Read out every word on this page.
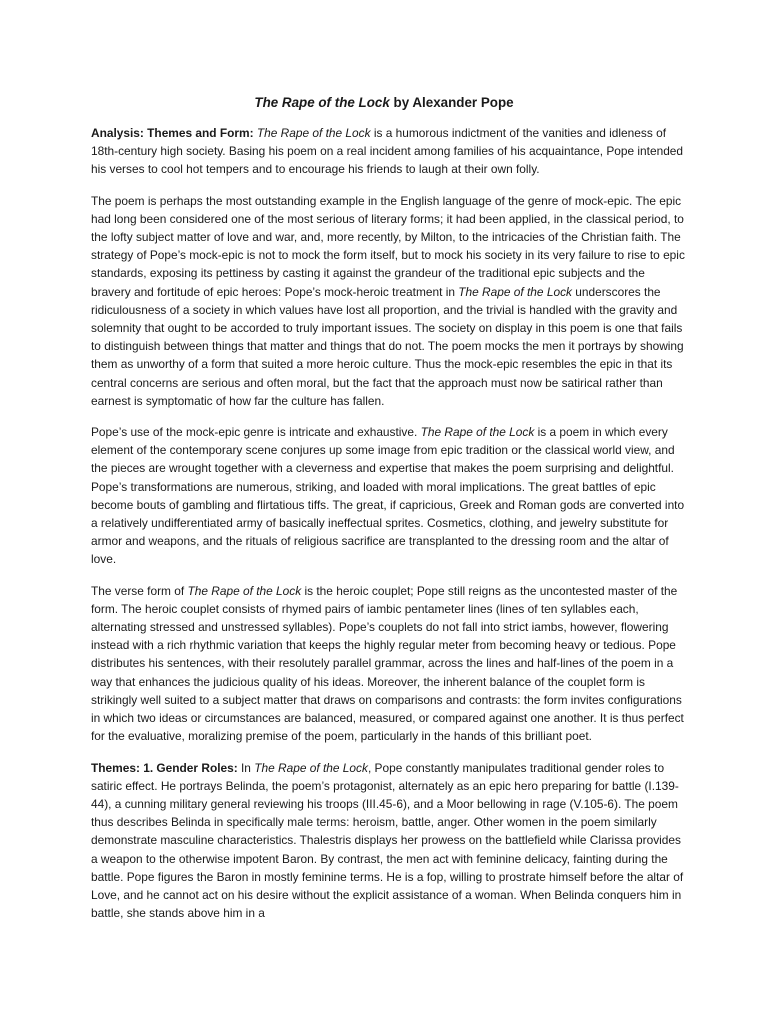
The Rape of the Lock by Alexander Pope

Analysis: Themes and Form: The Rape of the Lock is a humorous indictment of the vanities and idleness of 18th-century high society. Basing his poem on a real incident among families of his acquaintance, Pope intended his verses to cool hot tempers and to encourage his friends to laugh at their own folly.

The poem is perhaps the most outstanding example in the English language of the genre of mock-epic. The epic had long been considered one of the most serious of literary forms; it had been applied, in the classical period, to the lofty subject matter of love and war, and, more recently, by Milton, to the intricacies of the Christian faith. The strategy of Pope’s mock-epic is not to mock the form itself, but to mock his society in its very failure to rise to epic standards, exposing its pettiness by casting it against the grandeur of the traditional epic subjects and the bravery and fortitude of epic heroes: Pope’s mock-heroic treatment in The Rape of the Lock underscores the ridiculousness of a society in which values have lost all proportion, and the trivial is handled with the gravity and solemnity that ought to be accorded to truly important issues. The society on display in this poem is one that fails to distinguish between things that matter and things that do not. The poem mocks the men it portrays by showing them as unworthy of a form that suited a more heroic culture. Thus the mock-epic resembles the epic in that its central concerns are serious and often moral, but the fact that the approach must now be satirical rather than earnest is symptomatic of how far the culture has fallen.

Pope’s use of the mock-epic genre is intricate and exhaustive. The Rape of the Lock is a poem in which every element of the contemporary scene conjures up some image from epic tradition or the classical world view, and the pieces are wrought together with a cleverness and expertise that makes the poem surprising and delightful. Pope’s transformations are numerous, striking, and loaded with moral implications. The great battles of epic become bouts of gambling and flirtatious tiffs. The great, if capricious, Greek and Roman gods are converted into a relatively undifferentiated army of basically ineffectual sprites. Cosmetics, clothing, and jewelry substitute for armor and weapons, and the rituals of religious sacrifice are transplanted to the dressing room and the altar of love.

The verse form of The Rape of the Lock is the heroic couplet; Pope still reigns as the uncontested master of the form. The heroic couplet consists of rhymed pairs of iambic pentameter lines (lines of ten syllables each, alternating stressed and unstressed syllables). Pope’s couplets do not fall into strict iambs, however, flowering instead with a rich rhythmic variation that keeps the highly regular meter from becoming heavy or tedious. Pope distributes his sentences, with their resolutely parallel grammar, across the lines and half-lines of the poem in a way that enhances the judicious quality of his ideas. Moreover, the inherent balance of the couplet form is strikingly well suited to a subject matter that draws on comparisons and contrasts: the form invites configurations in which two ideas or circumstances are balanced, measured, or compared against one another. It is thus perfect for the evaluative, moralizing premise of the poem, particularly in the hands of this brilliant poet.

Themes: 1. Gender Roles: In The Rape of the Lock, Pope constantly manipulates traditional gender roles to satiric effect. He portrays Belinda, the poem’s protagonist, alternately as an epic hero preparing for battle (I.139-44), a cunning military general reviewing his troops (III.45-6), and a Moor bellowing in rage (V.105-6). The poem thus describes Belinda in specifically male terms: heroism, battle, anger. Other women in the poem similarly demonstrate masculine characteristics. Thalestris displays her prowess on the battlefield while Clarissa provides a weapon to the otherwise impotent Baron. By contrast, the men act with feminine delicacy, fainting during the battle. Pope figures the Baron in mostly feminine terms. He is a fop, willing to prostrate himself before the altar of Love, and he cannot act on his desire without the explicit assistance of a woman. When Belinda conquers him in battle, she stands above him in a
